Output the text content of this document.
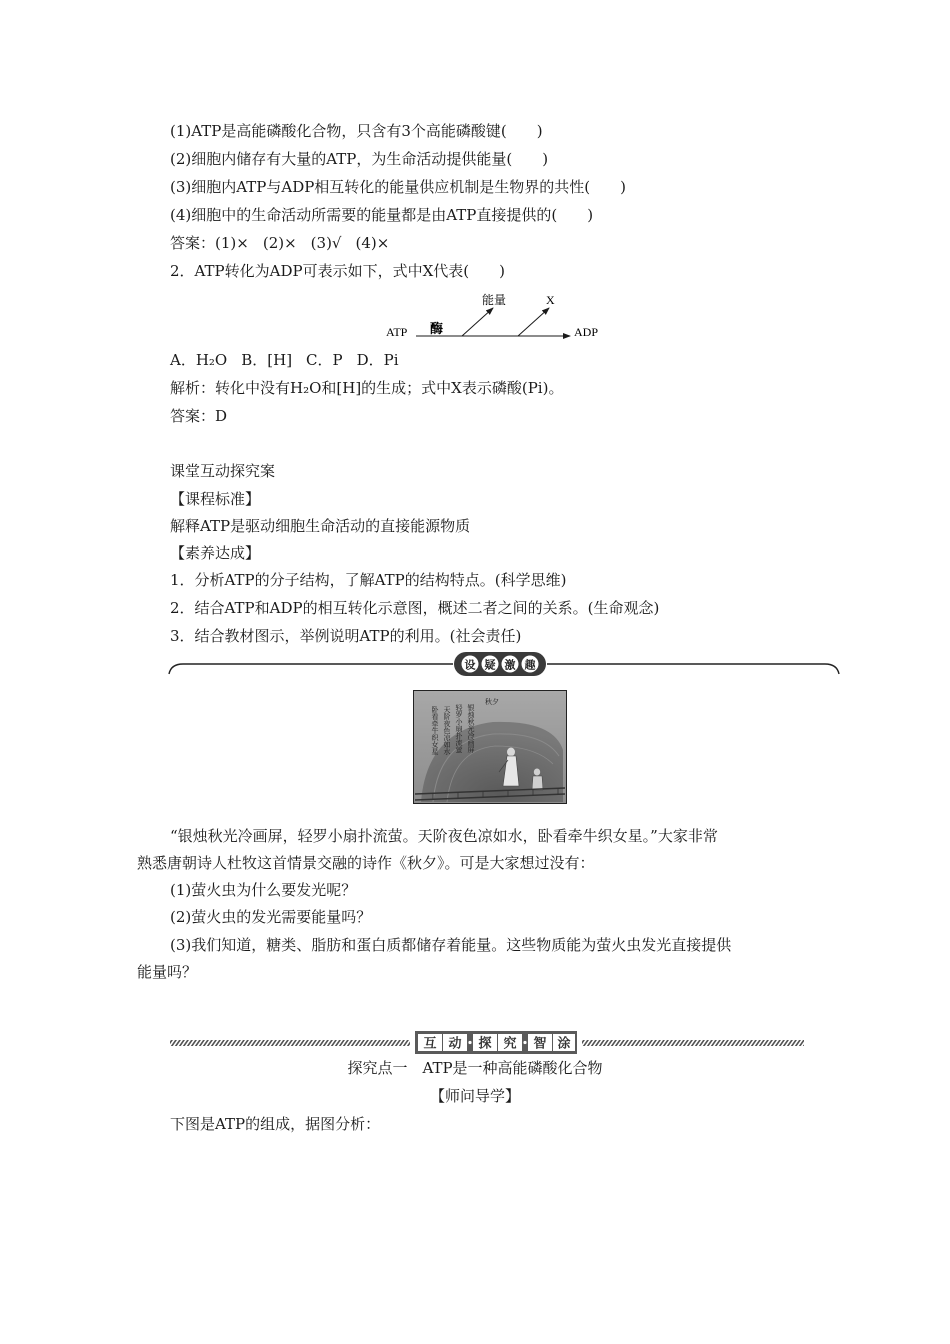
(1)ATP是高能磷酸化合物，只含有3个高能磷酸键(　　)
(2)细胞内储存有大量的ATP，为生命活动提供能量(　　)
(3)细胞内ATP与ADP相互转化的能量供应机制是生物界的共性(　　)
(4)细胞中的生命活动所需要的能量都是由ATP直接提供的(　　)
答案：(1)× (2)× (3)√ (4)×
2．ATP转化为ADP可表示如下，式中X代表(　　)
ATP 酶
能量	X
ADP
A．H₂O B．[H] C．P D．Pi
解析：转化中没有H₂O和[H]的生成；式中X表示磷酸(Pi)。
答案：D
课堂互动探究案
【课程标准】
解释ATP是驱动细胞生命活动的直接能源物质
【素养达成】
1．分析ATP的分子结构，了解ATP的结构特点。(科学思维)
2．结合ATP和ADP的相互转化示意图，概述二者之间的关系。(生命观念)
3．结合教材图示，举例说明ATP的利用。(社会责任)
设 疑 激 趣
秋夕
银烛秋光冷画屏
轻罗小扇扑流萤
天阶夜色凉如水
卧看牵牛织女星
“银烛秋光冷画屏，轻罗小扇扑流萤。天阶夜色凉如水，卧看牵牛织女星。”大家非常
熟悉唐朝诗人杜牧这首情景交融的诗作《秋夕》。可是大家想过没有：
(1)萤火虫为什么要发光呢？
(2)萤火虫的发光需要能量吗？
(3)我们知道，糖类、脂肪和蛋白质都储存着能量。这些物质能为萤火虫发光直接提供
能量吗？
互 动 探 究 智 涂
探究点一　ATP是一种高能磷酸化合物
【师问导学】
下图是ATP的组成，据图分析：
